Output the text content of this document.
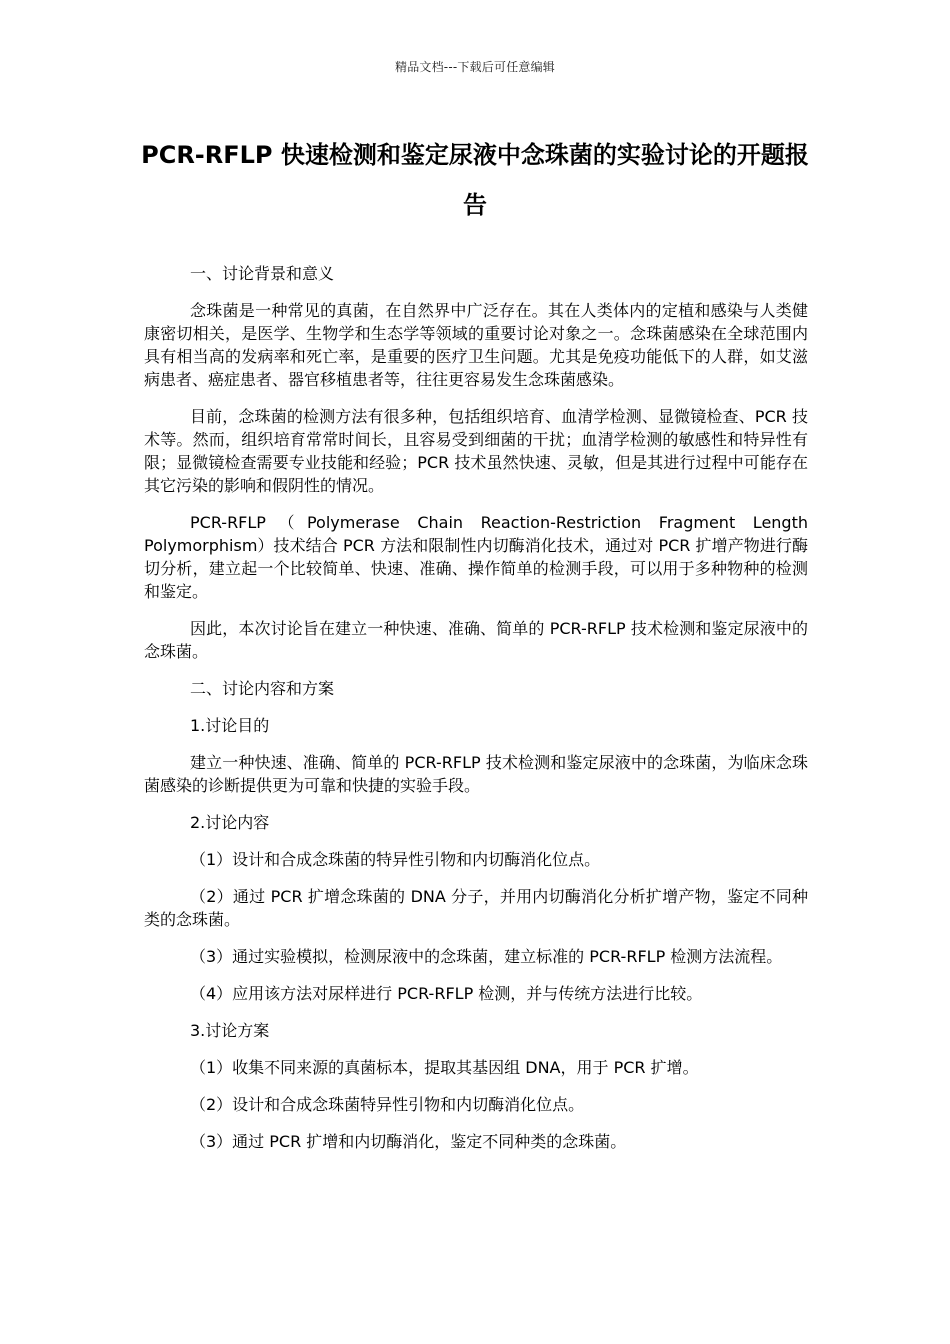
精品文档---下载后可任意编辑
PCR-RFLP 快速检测和鉴定尿液中念珠菌的实验讨论的开题报告

一、讨论背景和意义

念珠菌是一种常见的真菌，在自然界中广泛存在。其在人类体内的定植和感染与人类健康密切相关，是医学、生物学和生态学等领域的重要讨论对象之一。念珠菌感染在全球范围内具有相当高的发病率和死亡率，是重要的医疗卫生问题。尤其是免疫功能低下的人群，如艾滋病患者、癌症患者、器官移植患者等，往往更容易发生念珠菌感染。

目前，念珠菌的检测方法有很多种，包括组织培育、血清学检测、显微镜检查、PCR 技术等。然而，组织培育常常时间长，且容易受到细菌的干扰；血清学检测的敏感性和特异性有限；显微镜检查需要专业技能和经验；PCR 技术虽然快速、灵敏，但是其进行过程中可能存在其它污染的影响和假阴性的情况。

PCR-RFLP（Polymerase Chain Reaction-Restriction Fragment Length Polymorphism）技术结合 PCR 方法和限制性内切酶消化技术，通过对 PCR 扩增产物进行酶切分析，建立起一个比较简单、快速、准确、操作简单的检测手段，可以用于多种物种的检测和鉴定。

因此，本次讨论旨在建立一种快速、准确、简单的 PCR-RFLP 技术检测和鉴定尿液中的念珠菌。

二、讨论内容和方案

1.讨论目的

建立一种快速、准确、简单的 PCR-RFLP 技术检测和鉴定尿液中的念珠菌，为临床念珠菌感染的诊断提供更为可靠和快捷的实验手段。

2.讨论内容

（1）设计和合成念珠菌的特异性引物和内切酶消化位点。

（2）通过 PCR 扩增念珠菌的 DNA 分子，并用内切酶消化分析扩增产物，鉴定不同种类的念珠菌。

（3）通过实验模拟，检测尿液中的念珠菌，建立标准的 PCR-RFLP 检测方法流程。

（4）应用该方法对尿样进行 PCR-RFLP 检测，并与传统方法进行比较。

3.讨论方案

（1）收集不同来源的真菌标本，提取其基因组 DNA，用于 PCR 扩增。

（2）设计和合成念珠菌特异性引物和内切酶消化位点。

（3）通过 PCR 扩增和内切酶消化，鉴定不同种类的念珠菌。
